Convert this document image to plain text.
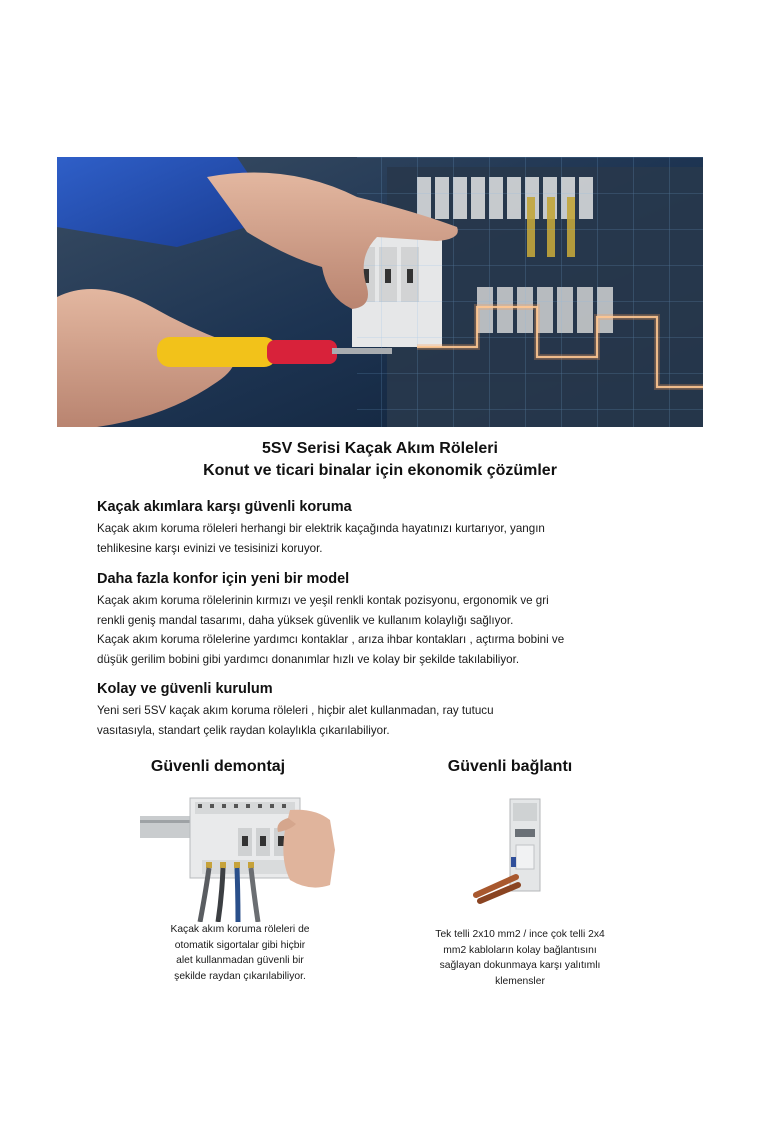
5SV Serisi Kaçak Akım Röleleri
Konut ve ticari binalar için ekonomik çözümler
Kaçak akımlara karşı güvenli koruma

Kaçak akım koruma röleleri herhangi bir elektrik kaçağında hayatınızı kurtarıyor, yangın

tehlikesine karşı evinizi ve tesisinizi koruyor.

Daha fazla konfor için yeni bir model

Kaçak akım koruma rölelerinin kırmızı ve yeşil renkli kontak pozisyonu, ergonomik ve gri

renkli geniş mandal tasarımı, daha yüksek güvenlik ve kullanım kolaylığı sağlıyor.

Kaçak akım koruma rölelerine yardımcı kontaklar , arıza ihbar kontakları , açtırma bobini ve

düşük gerilim bobini gibi yardımcı donanımlar hızlı ve kolay bir şekilde takılabiliyor.

Kolay ve güvenli kurulum

Yeni seri 5SV kaçak akım koruma röleleri , hiçbir alet kullanmadan, ray tutucu

vasıtasıyla, standart çelik raydan kolaylıkla çıkarılabiliyor.

Güvenli demontaj	Güvenli bağlantı
Kaçak akım koruma röleleri de
otomatik sigortalar gibi hiçbir
alet kullanmadan güvenli bir
şekilde raydan çıkarılabiliyor.
Tek telli 2x10 mm2 / ince çok telli 2x4
mm2 kabloların kolay bağlantısını
sağlayan dokunmaya karşı yalıtımlı
klemensler
